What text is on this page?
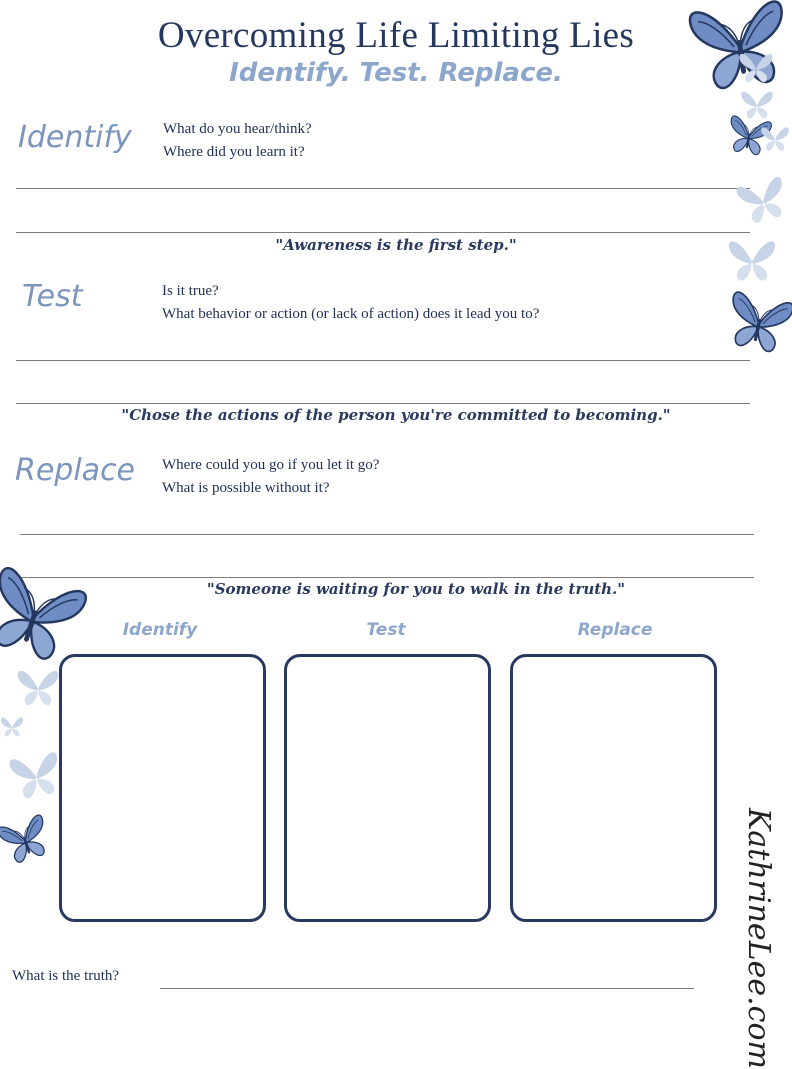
Overcoming Life Limiting Lies
Identify. Test. Replace.
Identify What do you hear/think?
Where did you learn it?
"Awareness is the first step."
Test	Is it true?
What behavior or action (or lack of action) does it lead you to?
"Chose the actions of the person you're committed to becoming."
Replace Where could you go if you let it go?
What is possible without it?
"Someone is waiting for you to walk in the truth."
Identify	Test	Replace
What is the truth?	KathrineLee.com
